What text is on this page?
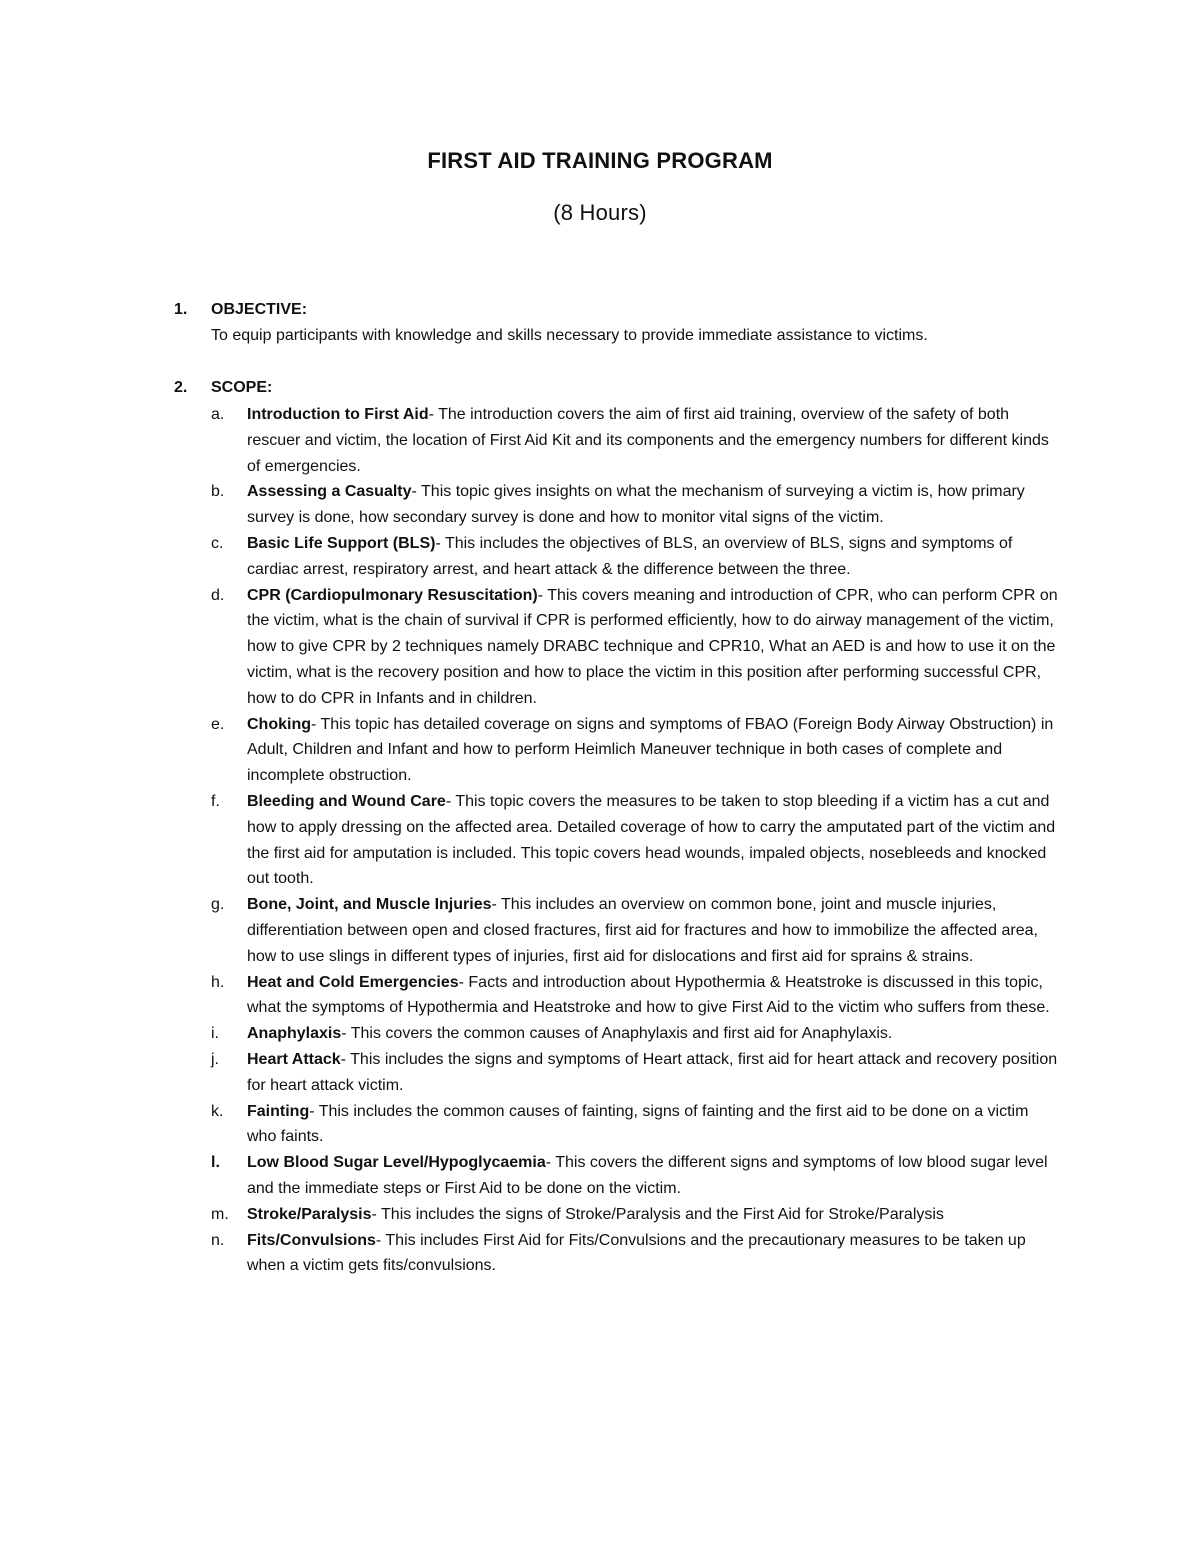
FIRST AID TRAINING PROGRAM
(8 Hours)
1. OBJECTIVE:
To equip participants with knowledge and skills necessary to provide immediate assistance to victims.
2. SCOPE:
a.	Introduction to First Aid- The introduction covers the aim of first aid training, overview of the safety of both rescuer and victim, the location of First Aid Kit and its components and the emergency numbers for different kinds of emergencies.
b.	Assessing a Casualty- This topic gives insights on what the mechanism of surveying a victim is, how primary survey is done, how secondary survey is done and how to monitor vital signs of the victim.
c.	Basic Life Support (BLS)- This includes the objectives of BLS, an overview of BLS, signs and symptoms of cardiac arrest, respiratory arrest, and heart attack & the difference between the three.
d.	CPR (Cardiopulmonary Resuscitation)- This covers meaning and introduction of CPR, who can perform CPR on the victim, what is the chain of survival if CPR is performed efficiently, how to do airway management of the victim, how to give CPR by 2 techniques namely DRABC technique and CPR10, What an AED is and how to use it on the victim, what is the recovery position and how to place the victim in this position after performing successful CPR, how to do CPR in Infants and in children.
e.	Choking- This topic has detailed coverage on signs and symptoms of FBAO (Foreign Body Airway Obstruction) in Adult, Children and Infant and how to perform Heimlich Maneuver technique in both cases of complete and incomplete obstruction.
f.	Bleeding and Wound Care- This topic covers the measures to be taken to stop bleeding if a victim has a cut and how to apply dressing on the affected area. Detailed coverage of how to carry the amputated part of the victim and the first aid for amputation is included. This topic covers head wounds, impaled objects, nosebleeds and knocked out tooth.
g.	Bone, Joint, and Muscle Injuries- This includes an overview on common bone, joint and muscle injuries, differentiation between open and closed fractures, first aid for fractures and how to immobilize the affected area, how to use slings in different types of injuries, first aid for dislocations and first aid for sprains & strains.
h.	Heat and Cold Emergencies- Facts and introduction about Hypothermia & Heatstroke is discussed in this topic, what the symptoms of Hypothermia and Heatstroke and how to give First Aid to the victim who suffers from these.
i.	Anaphylaxis- This covers the common causes of Anaphylaxis and first aid for Anaphylaxis.
j.	Heart Attack- This includes the signs and symptoms of Heart attack, first aid for heart attack and recovery position for heart attack victim.
k.	Fainting- This includes the common causes of fainting, signs of fainting and the first aid to be done on a victim who faints.
l.	Low Blood Sugar Level/Hypoglycaemia- This covers the different signs and symptoms of low blood sugar level and the immediate steps or First Aid to be done on the victim.
m.	Stroke/Paralysis- This includes the signs of Stroke/Paralysis and the First Aid for Stroke/Paralysis
n.	Fits/Convulsions- This includes First Aid for Fits/Convulsions and the precautionary measures to be taken up when a victim gets fits/convulsions.
